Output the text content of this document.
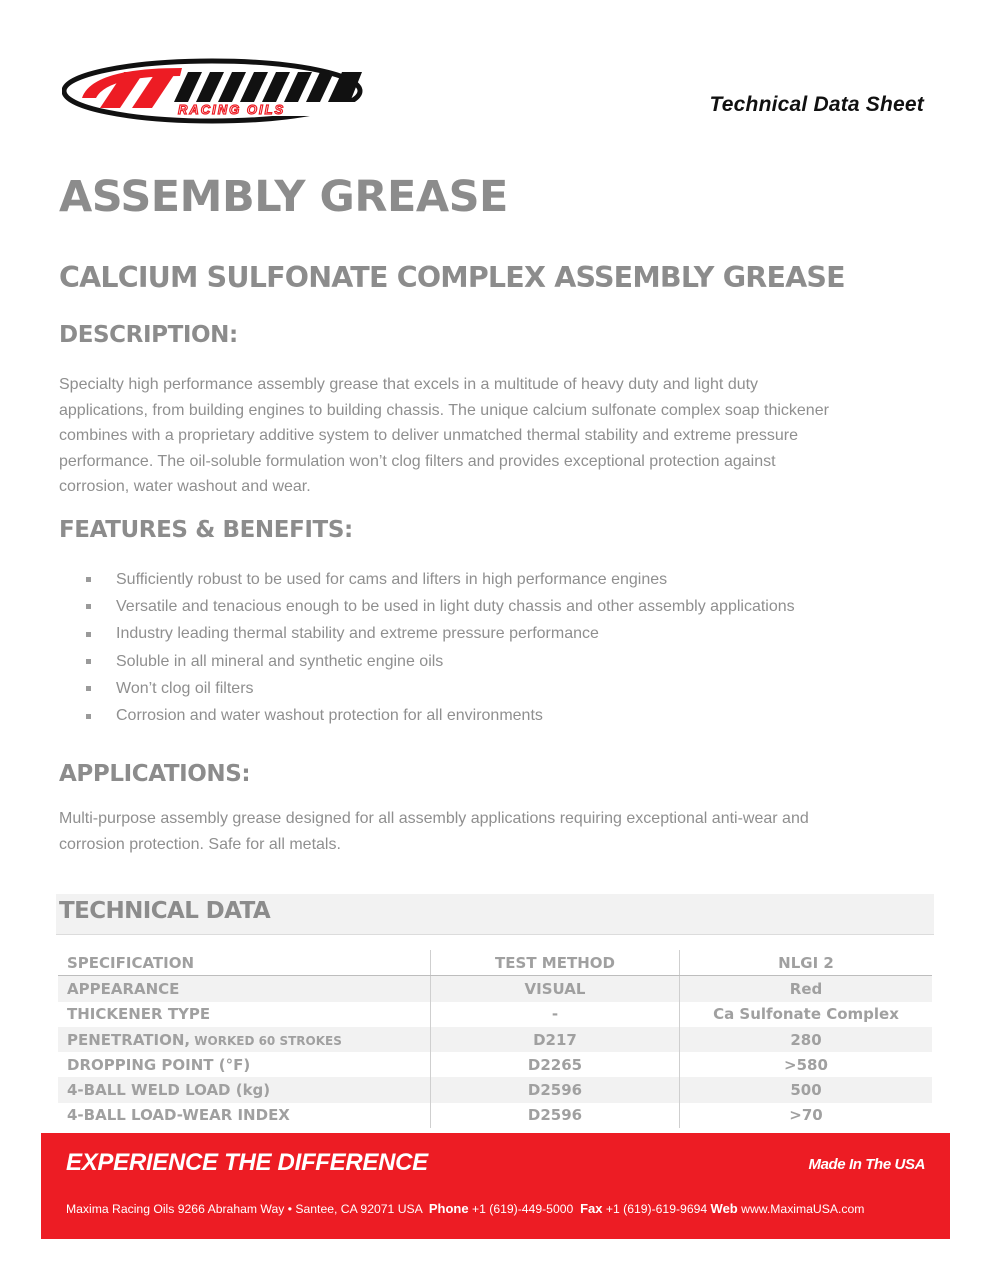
RACING OILS	Technical Data Sheet
ASSEMBLY GREASE
CALCIUM SULFONATE COMPLEX ASSEMBLY GREASE
DESCRIPTION:
Specialty high performance assembly grease that excels in a multitude of heavy duty and light duty
applications, from building engines to building chassis. The unique calcium sulfonate complex soap thickener
combines with a proprietary additive system to deliver unmatched thermal stability and extreme pressure
performance. The oil-soluble formulation won’t clog filters and provides exceptional protection against
corrosion, water washout and wear.
FEATURES & BENEFITS:
Sufficiently robust to be used for cams and lifters in high performance engines
Versatile and tenacious enough to be used in light duty chassis and other assembly applications
Industry leading thermal stability and extreme pressure performance
Soluble in all mineral and synthetic engine oils
Won’t clog oil filters
Corrosion and water washout protection for all environments
APPLICATIONS:
Multi-purpose assembly grease designed for all assembly applications requiring exceptional anti-wear and
corrosion protection. Safe for all metals.
TECHNICAL DATA
SPECIFICATION	TEST METHOD	NLGI 2
APPEARANCE	VISUAL	Red
THICKENER TYPE	-	Ca Sulfonate Complex
PENETRATION, WORKED 60 STROKES	D217	280
DROPPING POINT (°F)	D2265	>580
4-BALL WELD LOAD (kg)	D2596	500
4-BALL LOAD-WEAR INDEX	D2596	>70
EXPERIENCE THE DIFFERENCE	Made In The USA
Maxima Racing Oils 9266 Abraham Way • Santee, CA 92071 USA Phone +1 (619)-449-5000 Fax +1 (619)-619-9694 Web www.MaximaUSA.com
